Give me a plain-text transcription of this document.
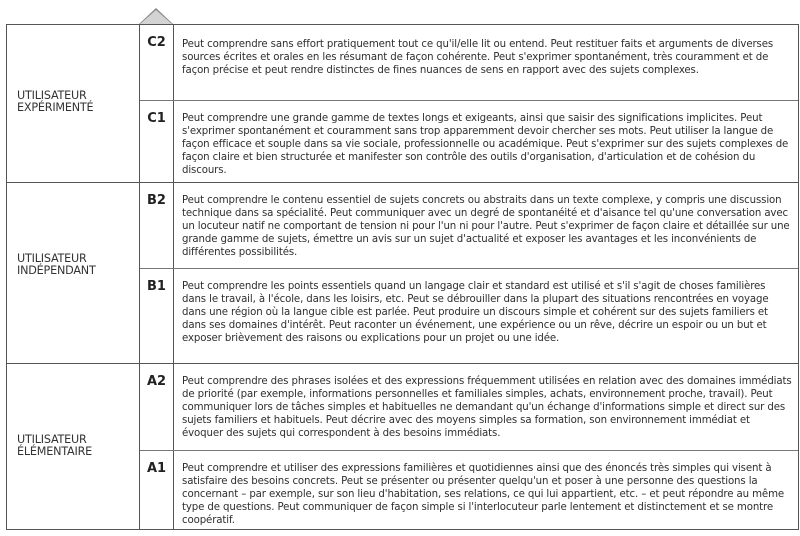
UTILISATEUR
EXPÉRIMENTÉ
C2	Peut comprendre sans effort pratiquement tout ce qu'il/elle lit ou entend. Peut restituer faits et arguments de diverses sources écrites et orales en les résumant de façon cohérente. Peut s'exprimer spontanément, très couramment et de façon précise et peut rendre distinctes de fines nuances de sens en rapport avec des sujets complexes.
C1	Peut comprendre une grande gamme de textes longs et exigeants, ainsi que saisir des significations implicites. Peut s'exprimer spontanément et couramment sans trop apparemment devoir chercher ses mots. Peut utiliser la langue de façon efficace et souple dans sa vie sociale, professionnelle ou académique. Peut s'exprimer sur des sujets complexes de façon claire et bien structurée et manifester son contrôle des outils d'organisation, d'articulation et de cohésion du discours.
UTILISATEUR
INDÉPENDANT
B2	Peut comprendre le contenu essentiel de sujets concrets ou abstraits dans un texte complexe, y compris une discussion technique dans sa spécialité. Peut communiquer avec un degré de spontanéité et d'aisance tel qu'une conversation avec un locuteur natif ne comportant de tension ni pour l'un ni pour l'autre. Peut s'exprimer de façon claire et détaillée sur une grande gamme de sujets, émettre un avis sur un sujet d'actualité et exposer les avantages et les inconvénients de différentes possibilités.
B1	Peut comprendre les points essentiels quand un langage clair et standard est utilisé et s'il s'agit de choses familières dans le travail, à l'école, dans les loisirs, etc. Peut se débrouiller dans la plupart des situations rencontrées en voyage dans une région où la langue cible est parlée. Peut produire un discours simple et cohérent sur des sujets familiers et dans ses domaines d'intérêt. Peut raconter un événement, une expérience ou un rêve, décrire un espoir ou un but et exposer brièvement des raisons ou explications pour un projet ou une idée.
UTILISATEUR
ÉLÉMENTAIRE
A2	Peut comprendre des phrases isolées et des expressions fréquemment utilisées en relation avec des domaines immédiats de priorité (par exemple, informations personnelles et familiales simples, achats, environnement proche, travail). Peut communiquer lors de tâches simples et habituelles ne demandant qu'un échange d'informations simple et direct sur des sujets familiers et habituels. Peut décrire avec des moyens simples sa formation, son environnement immédiat et évoquer des sujets qui correspondent à des besoins immédiats.
A1	Peut comprendre et utiliser des expressions familières et quotidiennes ainsi que des énoncés très simples qui visent à satisfaire des besoins concrets. Peut se présenter ou présenter quelqu'un et poser à une personne des questions la concernant – par exemple, sur son lieu d'habitation, ses relations, ce qui lui appartient, etc. – et peut répondre au même type de questions. Peut communiquer de façon simple si l'interlocuteur parle lentement et distinctement et se montre coopératif.
